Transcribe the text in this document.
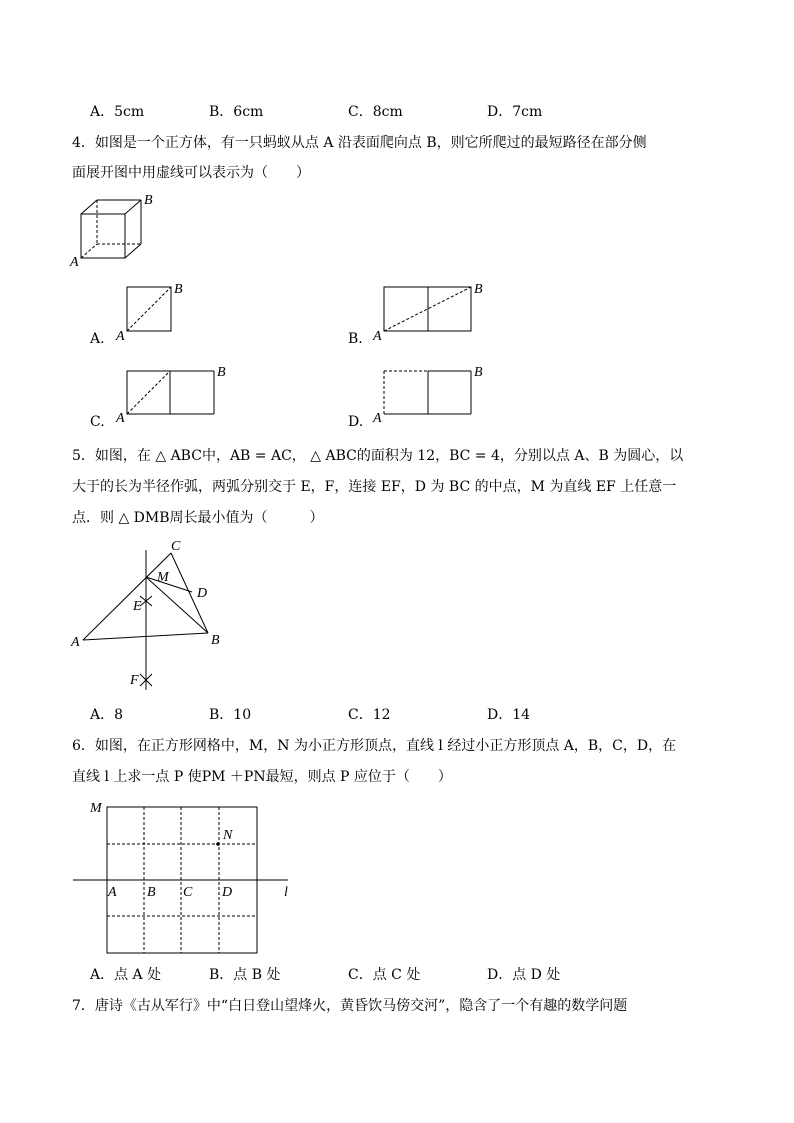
A．5cm	B．6cm	C．8cm	D．7cm
4．如图是一个正方体，有一只蚂蚁从点 A 沿表面爬向点 B，则它所爬过的最短路径在部分侧
面展开图中用虚线可以表示为（　　）
B
A
B
A
B
A
B
A
B
A
A.	B.
C.	D.
5．如图，在 △ ABC中，AB = AC， △ ABC的面积为 12，BC = 4，分别以点 A、B 为圆心，以
大于的长为半径作弧，两弧分别交于 E，F，连接 EF，D 为 BC 的中点，M 为直线 EF 上任意一
点．则 △ DMB周长最小值为（　　　）
C
M
D
E
A	B
F
A．8	B．10	C．12	D．14
6．如图，在正方形网格中，M，N 为小正方形顶点，直线 l 经过小正方形顶点 A，B，C，D，在
直线 l 上求一点 P 使PM ＋PN最短，则点 P 应位于（　　）
M
N
A B C D	l
A．点 A 处	B．点 B 处	C．点 C 处	D．点 D 处
7．唐诗《古从军行》中“白日登山望烽火，黄昏饮马傍交河”，隐含了一个有趣的数学问题
